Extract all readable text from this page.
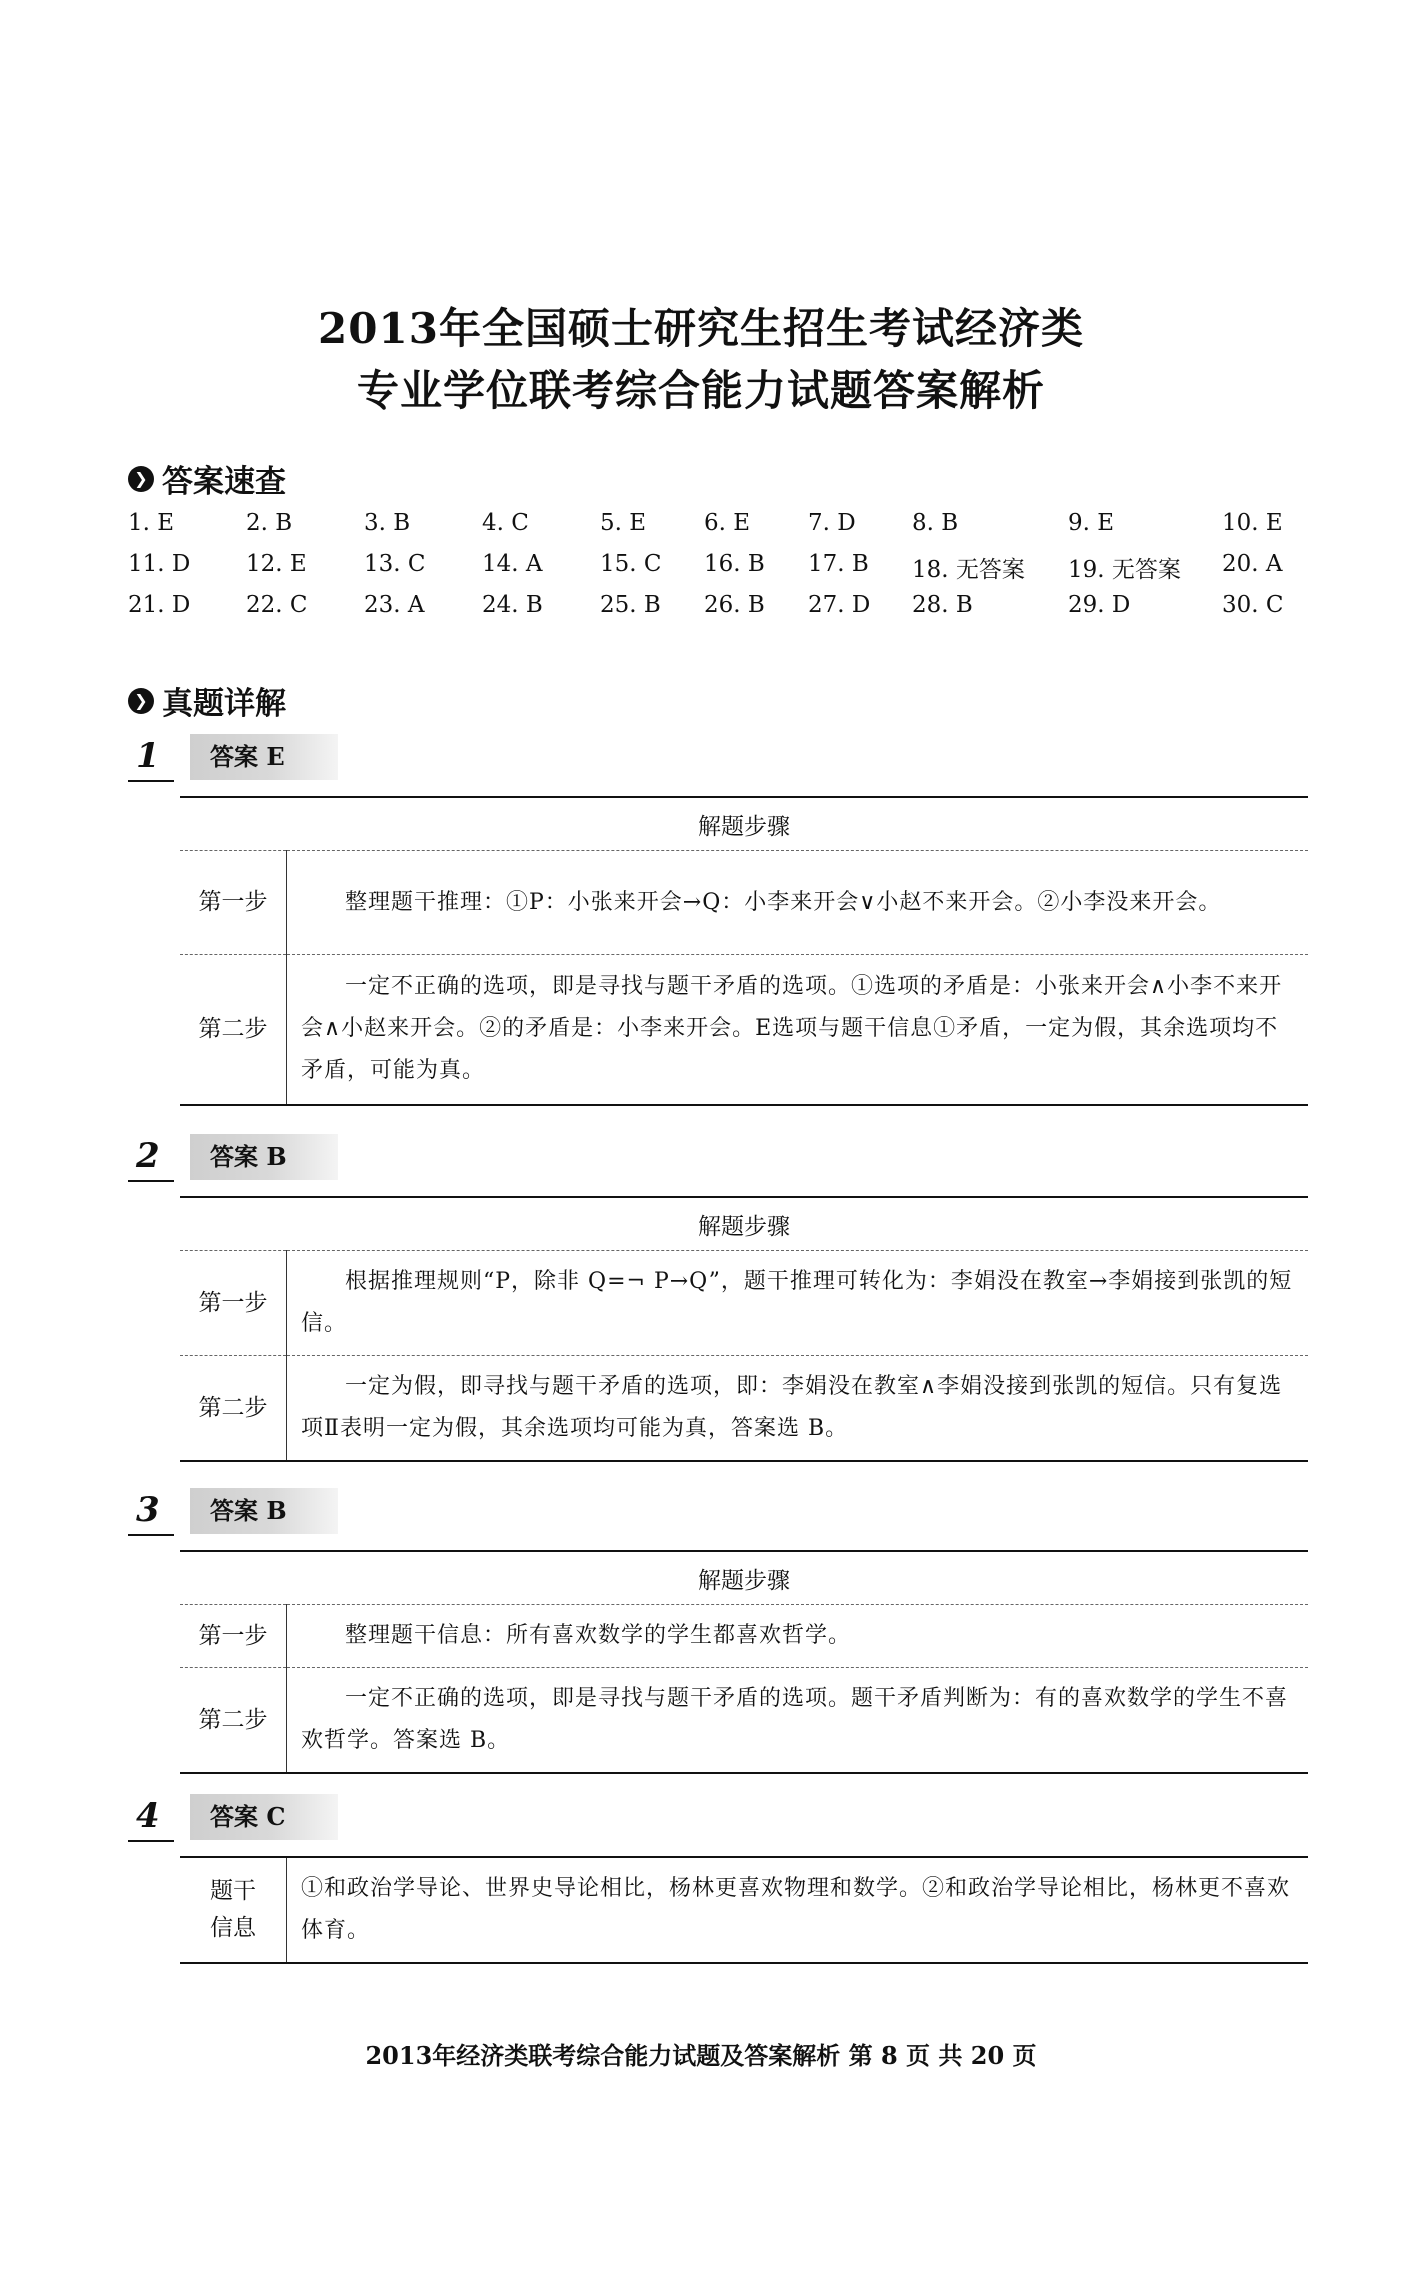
2013年全国硕士研究生招生考试经济类
专业学位联考综合能力试题答案解析
❯ 答案速查
1. E	2. B	3. B	4. C	5. E	6. E	7. D 8. B	9. E	10. E
11. D 12. E 13. C 14. A	15. C 16. B 17. B 18. 无答案 19. 无答案 20. A
21. D 22. C 23. A	24. B 25. B 26. B 27. D 28. B	29. D	30. C
❯ 真题详解
1	答案 E
解题步骤	
第一步	整理题干推理：①P：小张来开会→Q：小李来开会∨小赵不来开会。②小李没来开会。
第二步	一定不正确的选项，即是寻找与题干矛盾的选项。①选项的矛盾是：小张来开会∧小李不来开会∧小赵来开会。②的矛盾是：小李来开会。E选项与题干信息①矛盾，一定为假，其余选项均不矛盾，可能为真。
2	答案 B
解题步骤	
第一步	根据推理规则“P，除非 Q=¬ P→Q”，题干推理可转化为：李娟没在教室→李娟接到张凯的短信。
第二步	一定为假，即寻找与题干矛盾的选项，即：李娟没在教室∧李娟没接到张凯的短信。只有复选项Ⅱ表明一定为假，其余选项均可能为真，答案选 B。
3	答案 B
解题步骤	
第一步	整理题干信息：所有喜欢数学的学生都喜欢哲学。
第二步	一定不正确的选项，即是寻找与题干矛盾的选项。题干矛盾判断为：有的喜欢数学的学生不喜欢哲学。答案选 B。
4	答案 C
题干信息	①和政治学导论、世界史导论相比，杨林更喜欢物理和数学。②和政治学导论相比，杨林更不喜欢体育。
2013年经济类联考综合能力试题及答案解析 第 8 页 共 20 页
